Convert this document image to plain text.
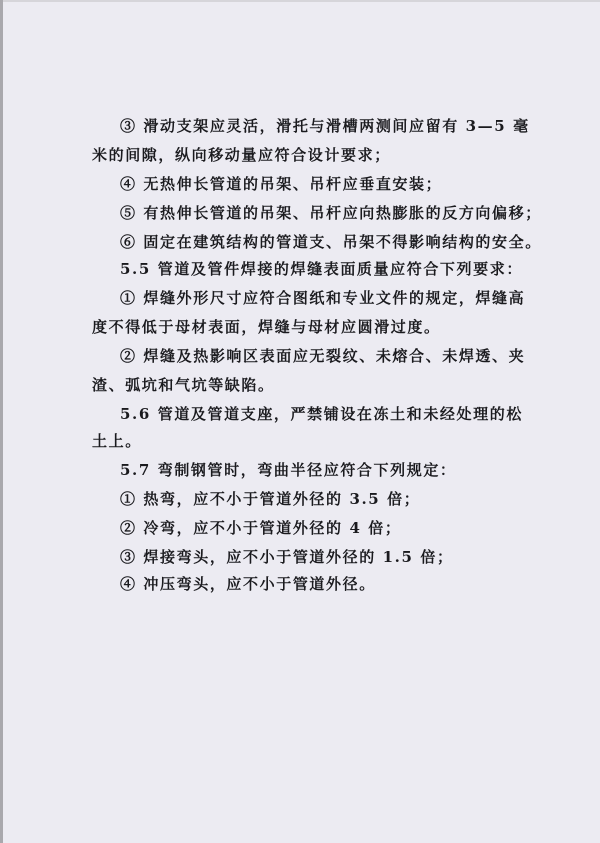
③ 滑动支架应灵活，滑托与滑槽两测间应留有 3—5 毫
米的间隙，纵向移动量应符合设计要求；
④ 无热伸长管道的吊架、吊杆应垂直安装；
⑤ 有热伸长管道的吊架、吊杆应向热膨胀的反方向偏移；
⑥ 固定在建筑结构的管道支、吊架不得影响结构的安全。
5.5 管道及管件焊接的焊缝表面质量应符合下列要求：
① 焊缝外形尺寸应符合图纸和专业文件的规定，焊缝高
度不得低于母材表面，焊缝与母材应圆滑过度。
② 焊缝及热影响区表面应无裂纹、未熔合、未焊透、夹
渣、弧坑和气坑等缺陷。
5.6 管道及管道支座，严禁铺设在冻土和未经处理的松
土上。
5.7 弯制钢管时，弯曲半径应符合下列规定：
① 热弯，应不小于管道外径的 3.5 倍；
② 冷弯，应不小于管道外径的 4 倍；
③ 焊接弯头，应不小于管道外径的 1.5 倍；
④ 冲压弯头，应不小于管道外径。
